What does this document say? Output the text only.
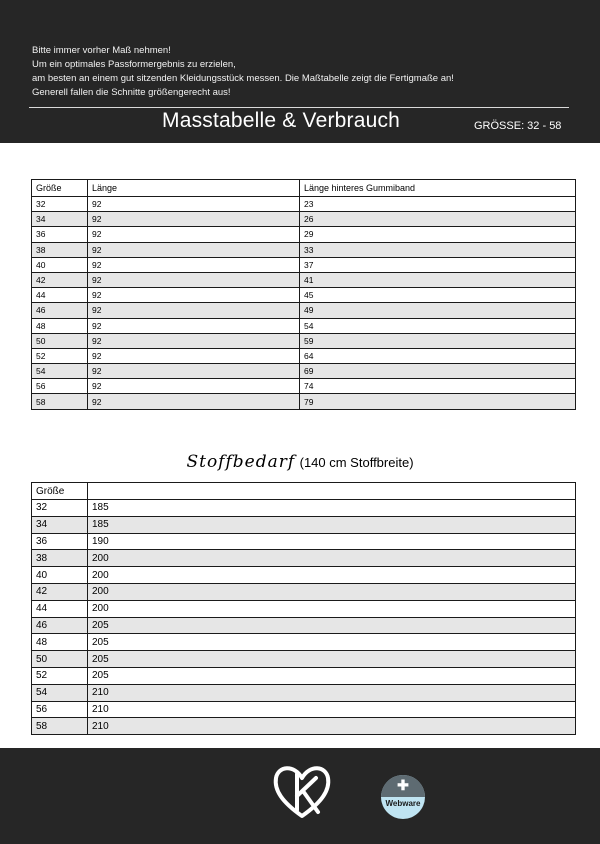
Bitte immer vorher Maß nehmen!
Um ein optimales Passformergebnis zu erzielen,
am besten an einem gut sitzenden Kleidungsstück messen. Die Maßtabelle zeigt die Fertigmaße an!
Generell fallen die Schnitte größengerecht aus!
Masstabelle & Verbrauch	GRÖSSE: 32 - 58
Größe	Länge	Länge hinteres Gummiband
32	92	23
34	92	26
36	92	29
38	92	33
40	92	37
42	92	41
44	92	45
46	92	49
48	92	54
50	92	59
52	92	64
54	92	69
56	92	74
58	92	79
Stoffbedarf (140 cm Stoffbreite)
Größe	
32	185
34	185
36	190
38	200
40	200
42	200
44	200
46	205
48	205
50	205
52	205
54	210
56	210
58	210
✚
Webware
